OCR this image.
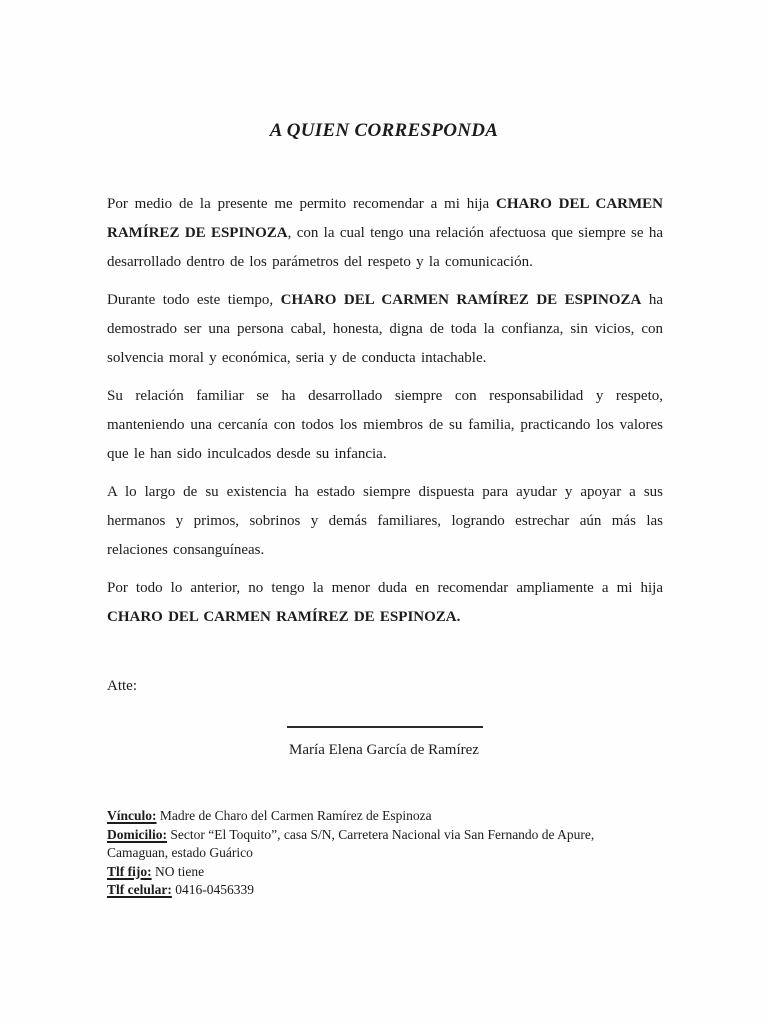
A QUIEN CORRESPONDA

Por medio de la presente me permito recomendar a mi hija CHARO DEL CARMEN RAMÍREZ DE ESPINOZA, con la cual tengo una relación afectuosa que siempre se ha desarrollado dentro de los parámetros del respeto y la comunicación.

Durante todo este tiempo, CHARO DEL CARMEN RAMÍREZ DE ESPINOZA ha demostrado ser una persona cabal, honesta, digna de toda la confianza, sin vicios, con solvencia moral y económica, seria y de conducta intachable.

Su relación familiar se ha desarrollado siempre con responsabilidad y respeto, manteniendo una cercanía con todos los miembros de su familia, practicando los valores que le han sido inculcados desde su infancia.

A lo largo de su existencia ha estado siempre dispuesta para ayudar y apoyar a sus hermanos y primos, sobrinos y demás familiares, logrando estrechar aún más las relaciones consanguíneas.

Por todo lo anterior, no tengo la menor duda en recomendar ampliamente a mi hija CHARO DEL CARMEN RAMÍREZ DE ESPINOZA.

Atte:
María Elena García de Ramírez
Vínculo: Madre de Charo del Carmen Ramírez de Espinoza
Domicilio: Sector “El Toquito”, casa S/N, Carretera Nacional via San Fernando de Apure,
Camaguan, estado Guárico
Tlf fijo: NO tiene
Tlf celular: 0416-0456339
